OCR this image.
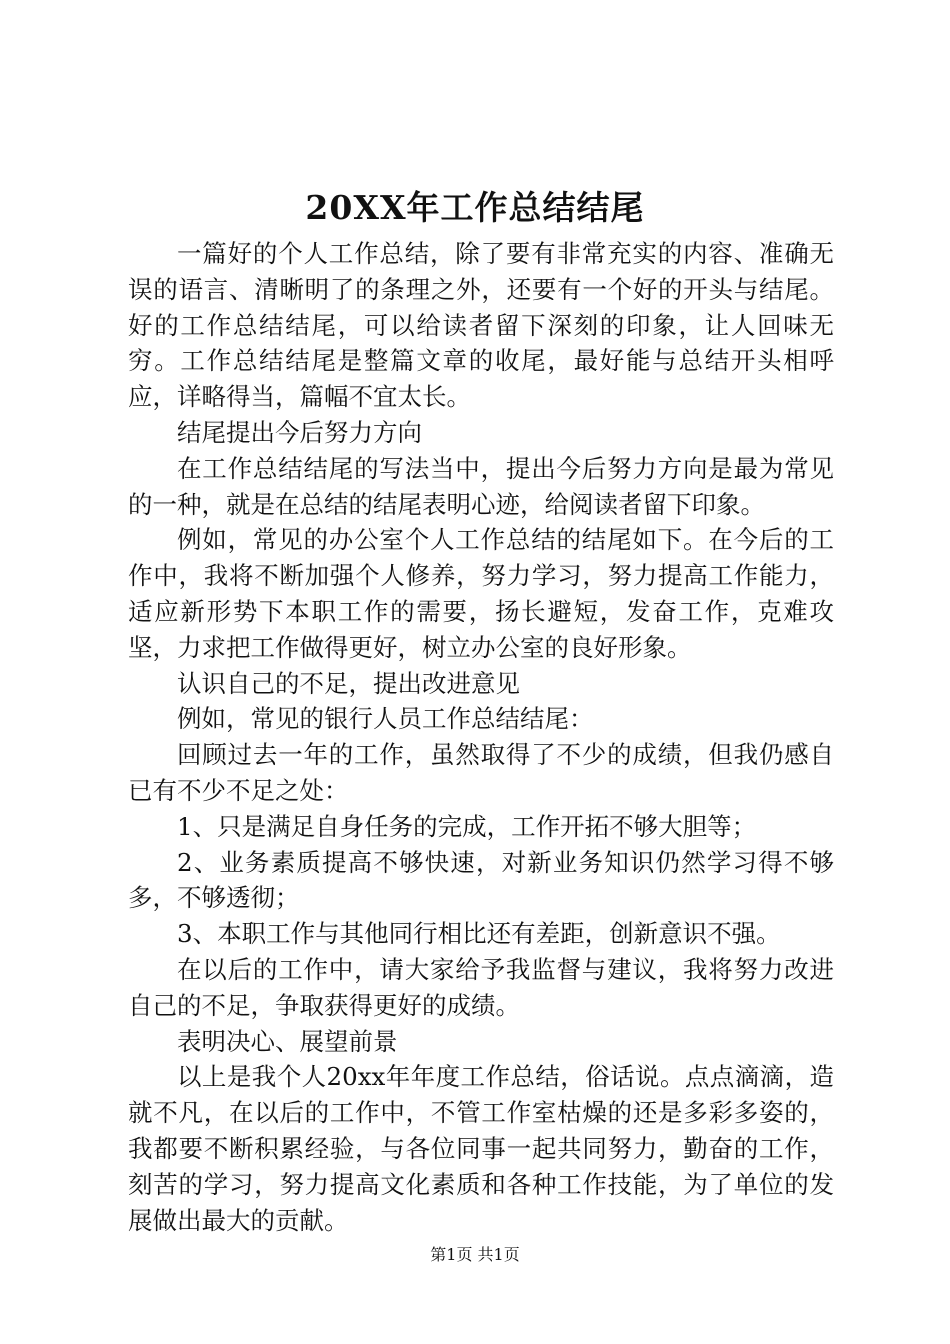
20XX年工作总结结尾

一篇好的个人工作总结，除了要有非常充实的内容、准确无误的语言、清晰明了的条理之外，还要有一个好的开头与结尾。好的工作总结结尾，可以给读者留下深刻的印象，让人回味无穷。工作总结结尾是整篇文章的收尾，最好能与总结开头相呼应，详略得当，篇幅不宜太长。

结尾提出今后努力方向

在工作总结结尾的写法当中，提出今后努力方向是最为常见的一种，就是在总结的结尾表明心迹，给阅读者留下印象。

例如，常见的办公室个人工作总结的结尾如下。在今后的工作中，我将不断加强个人修养，努力学习，努力提高工作能力，适应新形势下本职工作的需要，扬长避短，发奋工作，克难攻坚，力求把工作做得更好，树立办公室的良好形象。

认识自己的不足，提出改进意见

例如，常见的银行人员工作总结结尾：

回顾过去一年的工作，虽然取得了不少的成绩，但我仍感自已有不少不足之处：

1、只是满足自身任务的完成，工作开拓不够大胆等；

2、业务素质提高不够快速，对新业务知识仍然学习得不够多，不够透彻；

3、本职工作与其他同行相比还有差距，创新意识不强。

在以后的工作中，请大家给予我监督与建议，我将努力改进自己的不足，争取获得更好的成绩。

表明决心、展望前景

以上是我个人20xx年年度工作总结，俗话说。点点滴滴，造就不凡，在以后的工作中，不管工作室枯燥的还是多彩多姿的，我都要不断积累经验，与各位同事一起共同努力，勤奋的工作，刻苦的学习，努力提高文化素质和各种工作技能，为了单位的发展做出最大的贡献。

第1页 共1页
